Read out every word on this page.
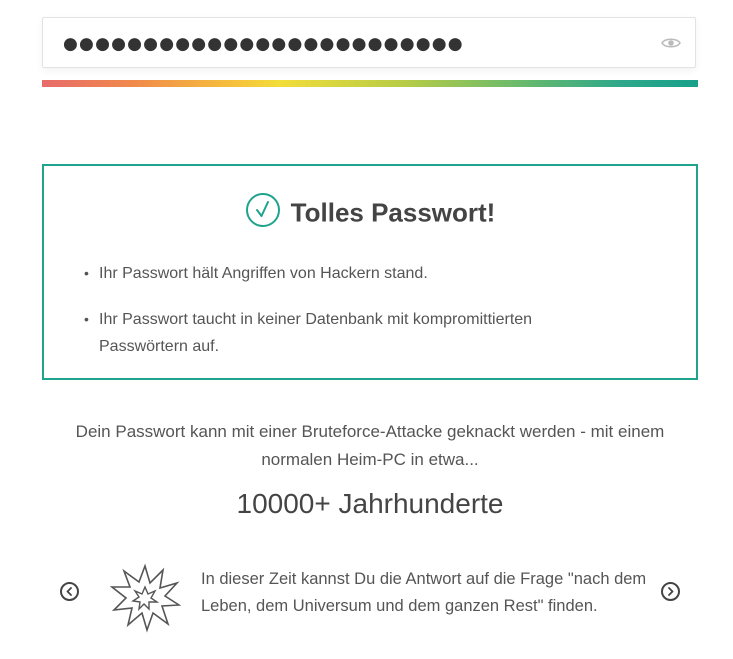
●●●●●●●●●●●●●●●●●●●●●●●●●
Tolles Passwort!
• Ihr Passwort hält Angriffen von Hackern stand.
• Ihr Passwort taucht in keiner Datenbank mit kompromittierten Passwörtern auf.
Dein Passwort kann mit einer Bruteforce-Attacke geknackt werden - mit einem normalen Heim-PC in etwa...
10000+ Jahrhunderte
In dieser Zeit kannst Du die Antwort auf die Frage "nach dem Leben, dem Universum und dem ganzen Rest" finden.
